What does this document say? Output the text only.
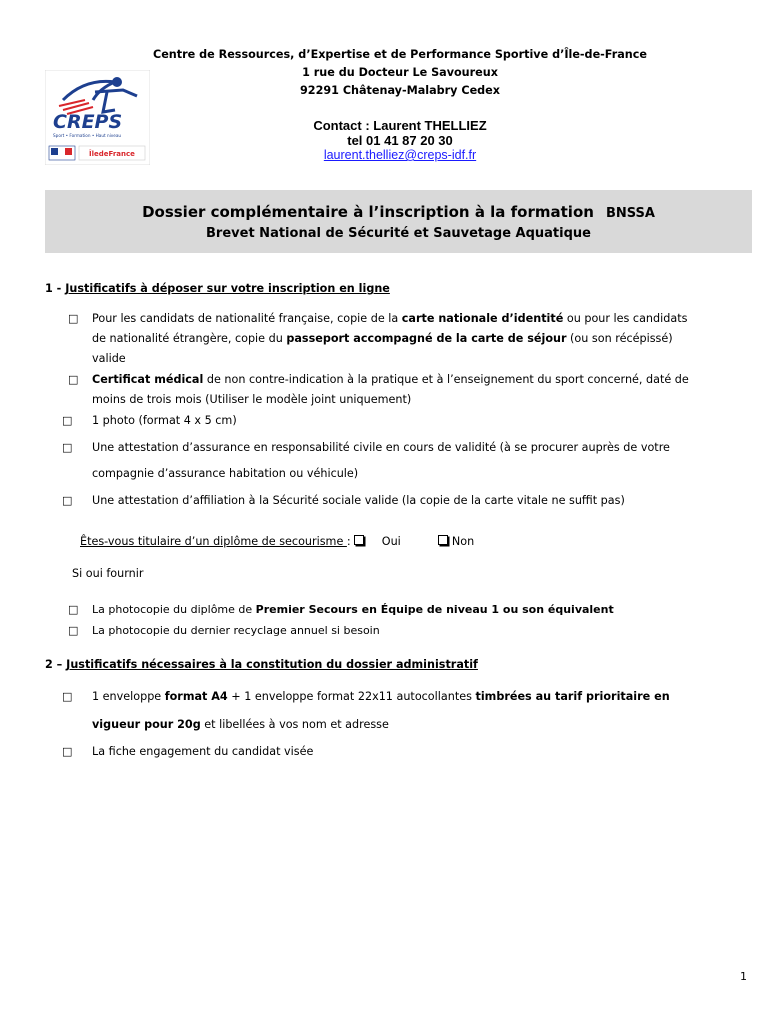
CREPS
Sport • Formation • Haut niveau
ÎledeFrance
Centre de Ressources, d’Expertise et de Performance Sportive d’Île-de-France
1 rue du Docteur Le Savoureux
92291 Châtenay-Malabry Cedex
Contact : Laurent THELLIEZ
tel 01 41 87 20 30
laurent.thelliez@creps-idf.fr
Dossier complémentaire à l’inscription à la formation BNSSA
Brevet National de Sécurité et Sauvetage Aquatique
1 - Justificatifs à déposer sur votre inscription en ligne
□ Pour les candidats de nationalité française, copie de la carte nationale d’identité ou pour les candidats
de nationalité étrangère, copie du passeport accompagné de la carte de séjour (ou son récépissé)
valide
□ Certificat médical de non contre-indication à la pratique et à l’enseignement du sport concerné, daté de
moins de trois mois (Utiliser le modèle joint uniquement)
□ 1 photo (format 4 x 5 cm)
□ Une attestation d’assurance en responsabilité civile en cours de validité (à se procurer auprès de votre
compagnie d’assurance habitation ou véhicule)
□ Une attestation d’affiliation à la Sécurité sociale valide (la copie de la carte vitale ne suffit pas)
Êtes-vous titulaire d’un diplôme de secourisme :  Oui	Non
Si oui fournir
□ La photocopie du diplôme de Premier Secours en Équipe de niveau 1 ou son équivalent
□ La photocopie du dernier recyclage annuel si besoin
2 – Justificatifs nécessaires à la constitution du dossier administratif
□ 1 enveloppe format A4 + 1 enveloppe format 22x11 autocollantes timbrées au tarif prioritaire en
vigueur pour 20g et libellées à vos nom et adresse
□ La fiche engagement du candidat visée
1
